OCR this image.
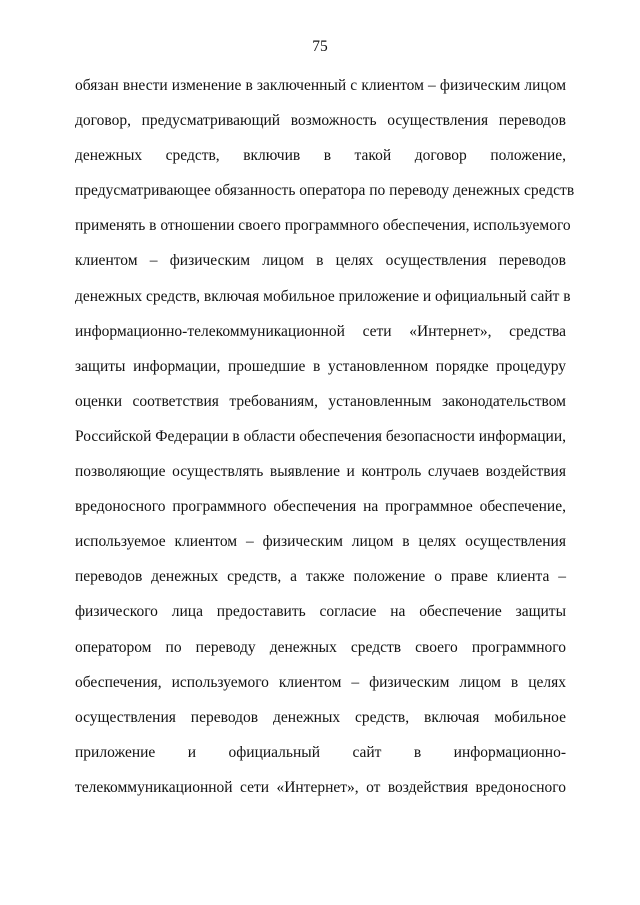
75
обязан внести изменение в заключенный с клиентом – физическим лицом
договор, предусматривающий возможность осуществления переводов
денежных средств, включив в такой договор положение,
предусматривающее обязанность оператора по переводу денежных средств
применять в отношении своего программного обеспечения, используемого
клиентом – физическим лицом в целях осуществления переводов
денежных средств, включая мобильное приложение и официальный сайт в
информационно-телекоммуникационной сети «Интернет», средства
защиты информации, прошедшие в установленном порядке процедуру
оценки соответствия требованиям, установленным законодательством
Российской Федерации в области обеспечения безопасности информации,
позволяющие осуществлять выявление и контроль случаев воздействия
вредоносного программного обеспечения на программное обеспечение,
используемое клиентом – физическим лицом в целях осуществления
переводов денежных средств, а также положение о праве клиента –
физического лица предоставить согласие на обеспечение защиты
оператором по переводу денежных средств своего программного
обеспечения, используемого клиентом – физическим лицом в целях
осуществления переводов денежных средств, включая мобильное
приложение и официальный сайт в информационно-
телекоммуникационной сети «Интернет», от воздействия вредоносного
